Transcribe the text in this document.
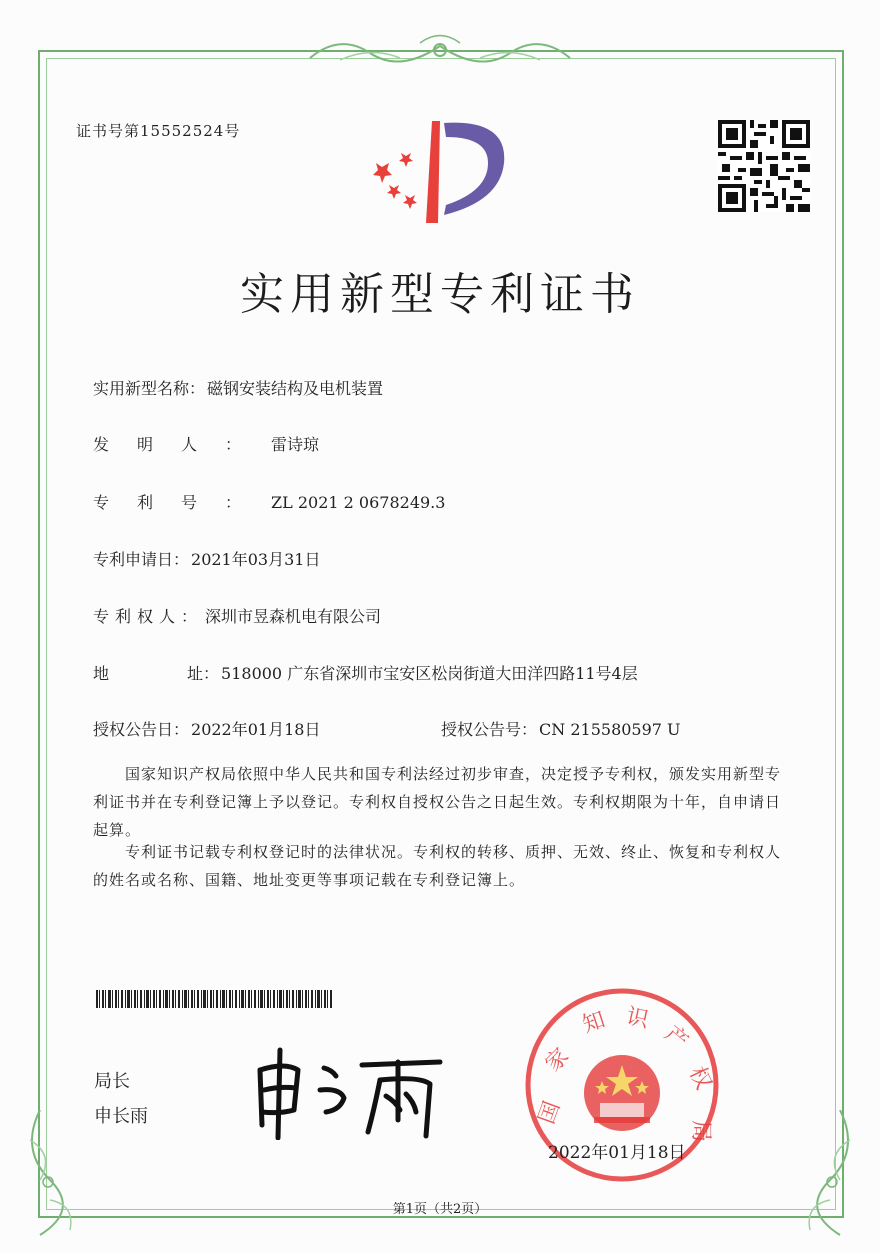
证书号第15552524号
实用新型专利证书
实用新型名称： 磁钢安装结构及电机装置
发明人： 雷诗琼
专利号： ZL 2021 2 0678249.3
专利申请日： 2021年03月31日
专利权人： 深圳市昱森机电有限公司
地	址： 518000 广东省深圳市宝安区松岗街道大田洋四路11号4层
授权公告日： 2022年01月18日	授权公告号： CN 215580597 U
国家知识产权局依照中华人民共和国专利法经过初步审查，决定授予专利权，颁发实用新型专利证书并在专利登记簿上予以登记。专利权自授权公告之日起生效。专利权期限为十年，自申请日起算。
专利证书记载专利权登记时的法律状况。专利权的转移、质押、无效、终止、恢复和专利权人的姓名或名称、国籍、地址变更等事项记载在专利登记簿上。
局长
申长雨	国
家
知 识
产
权
局
2022年01月18日
第1页（共2页）
